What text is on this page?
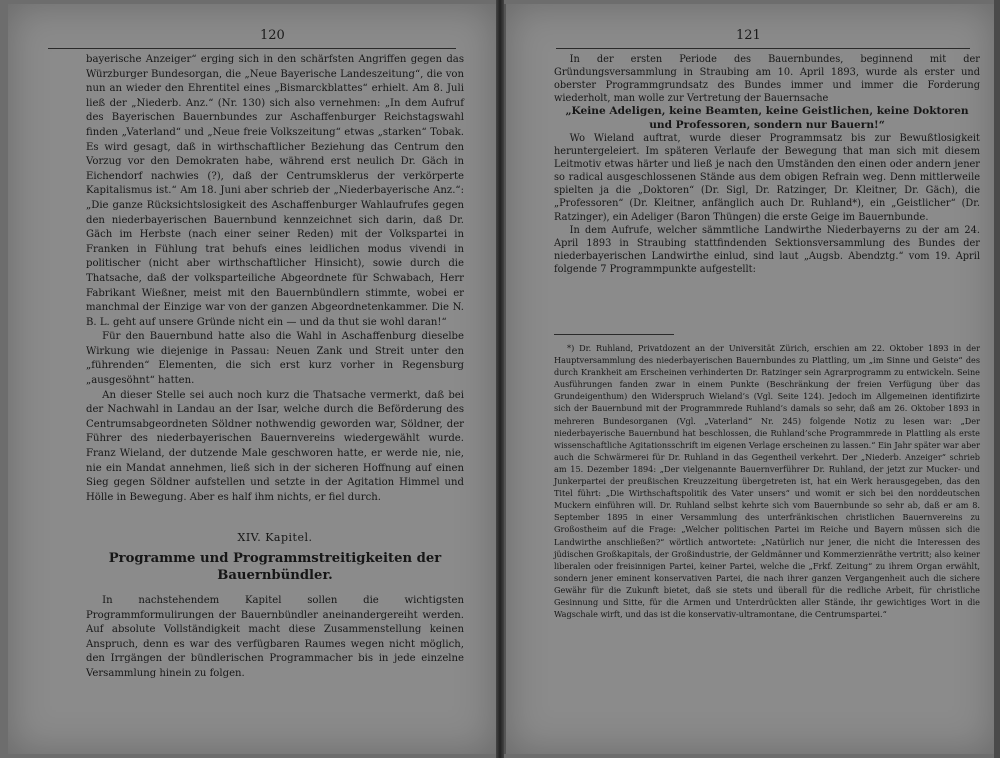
120

bayerische Anzeiger“ erging sich in den schärfsten Angriffen gegen das Würzburger Bundesorgan, die „Neue Bayerische Landeszeitung“, die von nun an wieder den Ehrentitel eines „Bismarckblattes“ erhielt. Am 8. Juli ließ der „Niederb. Anz.“ (Nr. 130) sich also vernehmen: „In dem Aufruf des Bayerischen Bauernbundes zur Aschaffenburger Reichstagswahl finden „Vaterland“ und „Neue freie Volkszeitung“ etwas „starken“ Tobak. Es wird gesagt, daß in wirthschaftlicher Beziehung das Centrum den Vorzug vor den Demokraten habe, während erst neulich Dr. Gäch in Eichendorf nachwies (?), daß der Centrumsklerus der verkörperte Kapitalismus ist.“ Am 18. Juni aber schrieb der „Niederbayerische Anz.“: „Die ganze Rücksichtslosigkeit des Aschaffenburger Wahlaufrufes gegen den niederbayerischen Bauernbund kennzeichnet sich darin, daß Dr. Gäch im Herbste (nach einer seiner Reden) mit der Volkspartei in Franken in Fühlung trat behufs eines leidlichen modus vivendi in politischer (nicht aber wirthschaftlicher Hinsicht), sowie durch die Thatsache, daß der volksparteiliche Abgeordnete für Schwabach, Herr Fabrikant Wießner, meist mit den Bauernbündlern stimmte, wobei er manchmal der Einzige war von der ganzen Abgeordnetenkammer. Die N. B. L. geht auf unsere Gründe nicht ein — und da thut sie wohl daran!“

Für den Bauernbund hatte also die Wahl in Aschaffenburg dieselbe Wirkung wie diejenige in Passau: Neuen Zank und Streit unter den „führenden“ Elementen, die sich erst kurz vorher in Regensburg „ausgesöhnt“ hatten.

An dieser Stelle sei auch noch kurz die Thatsache vermerkt, daß bei der Nachwahl in Landau an der Isar, welche durch die Beförderung des Centrumsabgeordneten Söldner nothwendig geworden war, Söldner, der Führer des niederbayerischen Bauernvereins wiedergewählt wurde. Franz Wieland, der dutzende Male geschworen hatte, er werde nie, nie, nie ein Mandat annehmen, ließ sich in der sicheren Hoffnung auf einen Sieg gegen Söldner aufstellen und setzte in der Agitation Himmel und Hölle in Bewegung. Aber es half ihm nichts, er fiel durch.

XIV. Kapitel.
Programme und Programmstreitigkeiten der Bauernbündler.

In nachstehendem Kapitel sollen die wichtigsten Programmformulirungen der Bauernbündler aneinandergereiht werden. Auf absolute Vollständigkeit macht diese Zusammenstellung keinen Anspruch, denn es war des verfügbaren Raumes wegen nicht möglich, den Irrgängen der bündlerischen Programmacher bis in jede einzelne Versammlung hinein zu folgen.

121

In der ersten Periode des Bauernbundes, beginnend mit der Gründungsversammlung in Straubing am 10. April 1893, wurde als erster und oberster Programmgrundsatz des Bundes immer und immer die Forderung wiederholt, man wolle zur Vertretung der Bauernsache

„Keine Adeligen, keine Beamten, keine Geistlichen, keine Doktoren und Professoren, sondern nur Bauern!“

Wo Wieland auftrat, wurde dieser Programmsatz bis zur Bewußtlosigkeit heruntergeleiert. Im späteren Verlaufe der Bewegung that man sich mit diesem Leitmotiv etwas härter und ließ je nach den Umständen den einen oder andern jener so radical ausgeschlossenen Stände aus dem obigen Refrain weg. Denn mittlerweile spielten ja die „Doktoren“ (Dr. Sigl, Dr. Ratzinger, Dr. Kleitner, Dr. Gäch), die „Professoren“ (Dr. Kleitner, anfänglich auch Dr. Ruhland*), ein „Geistlicher“ (Dr. Ratzinger), ein Adeliger (Baron Thüngen) die erste Geige im Bauernbunde.

In dem Aufrufe, welcher sämmtliche Landwirthe Niederbayerns zu der am 24. April 1893 in Straubing stattfindenden Sektionsversammlung des Bundes der niederbayerischen Landwirthe einlud, sind laut „Augsb. Abendztg.“ vom 19. April folgende 7 Programmpunkte aufgestellt:

*) Dr. Ruhland, Privatdozent an der Universität Zürich, erschien am 22. Oktober 1893 in der Hauptversammlung des niederbayerischen Bauernbundes zu Plattling, um „im Sinne und Geiste“ des durch Krankheit am Erscheinen verhinderten Dr. Ratzinger sein Agrarprogramm zu entwickeln. Seine Ausführungen fanden zwar in einem Punkte (Beschränkung der freien Verfügung über das Grundeigenthum) den Widerspruch Wieland’s (Vgl. Seite 124). Jedoch im Allgemeinen identifizirte sich der Bauernbund mit der Programmrede Ruhland’s damals so sehr, daß am 26. Oktober 1893 in mehreren Bundesorganen (Vgl. „Vaterland“ Nr. 245) folgende Notiz zu lesen war: „Der niederbayerische Bauernbund hat beschlossen, die Ruhland’sche Programmrede in Plattling als erste wissenschaftliche Agitationsschrift im eigenen Verlage erscheinen zu lassen.“ Ein Jahr später war aber auch die Schwärmerei für Dr. Ruhland in das Gegentheil verkehrt. Der „Niederb. Anzeiger“ schrieb am 15. Dezember 1894: „Der vielgenannte Bauernverführer Dr. Ruhland, der jetzt zur Mucker- und Junkerpartei der preußischen Kreuzzeitung übergetreten ist, hat ein Werk herausgegeben, das den Titel führt: „Die Wirthschaftspolitik des Vater unsers“ und womit er sich bei den norddeutschen Muckern einführen will. Dr. Ruhland selbst kehrte sich vom Bauernbunde so sehr ab, daß er am 8. September 1895 in einer Versammlung des unterfränkischen christlichen Bauernvereins zu Großostheim auf die Frage: „Welcher politischen Partei im Reiche und Bayern müssen sich die Landwirthe anschließen?“ wörtlich antwortete: „Natürlich nur jener, die nicht die Interessen des jüdischen Großkapitals, der Großindustrie, der Geldmänner und Kommerzienräthe vertritt; also keiner liberalen oder freisinnigen Partei, keiner Partei, welche die „Frkf. Zeitung“ zu ihrem Organ erwählt, sondern jener eminent konservativen Partei, die nach ihrer ganzen Vergangenheit auch die sichere Gewähr für die Zukunft bietet, daß sie stets und überall für die redliche Arbeit, für christliche Gesinnung und Sitte, für die Armen und Unterdrückten aller Stände, ihr gewichtiges Wort in die Wagschale wirft, und das ist die konservativ-ultramontane, die Centrumspartei.“
